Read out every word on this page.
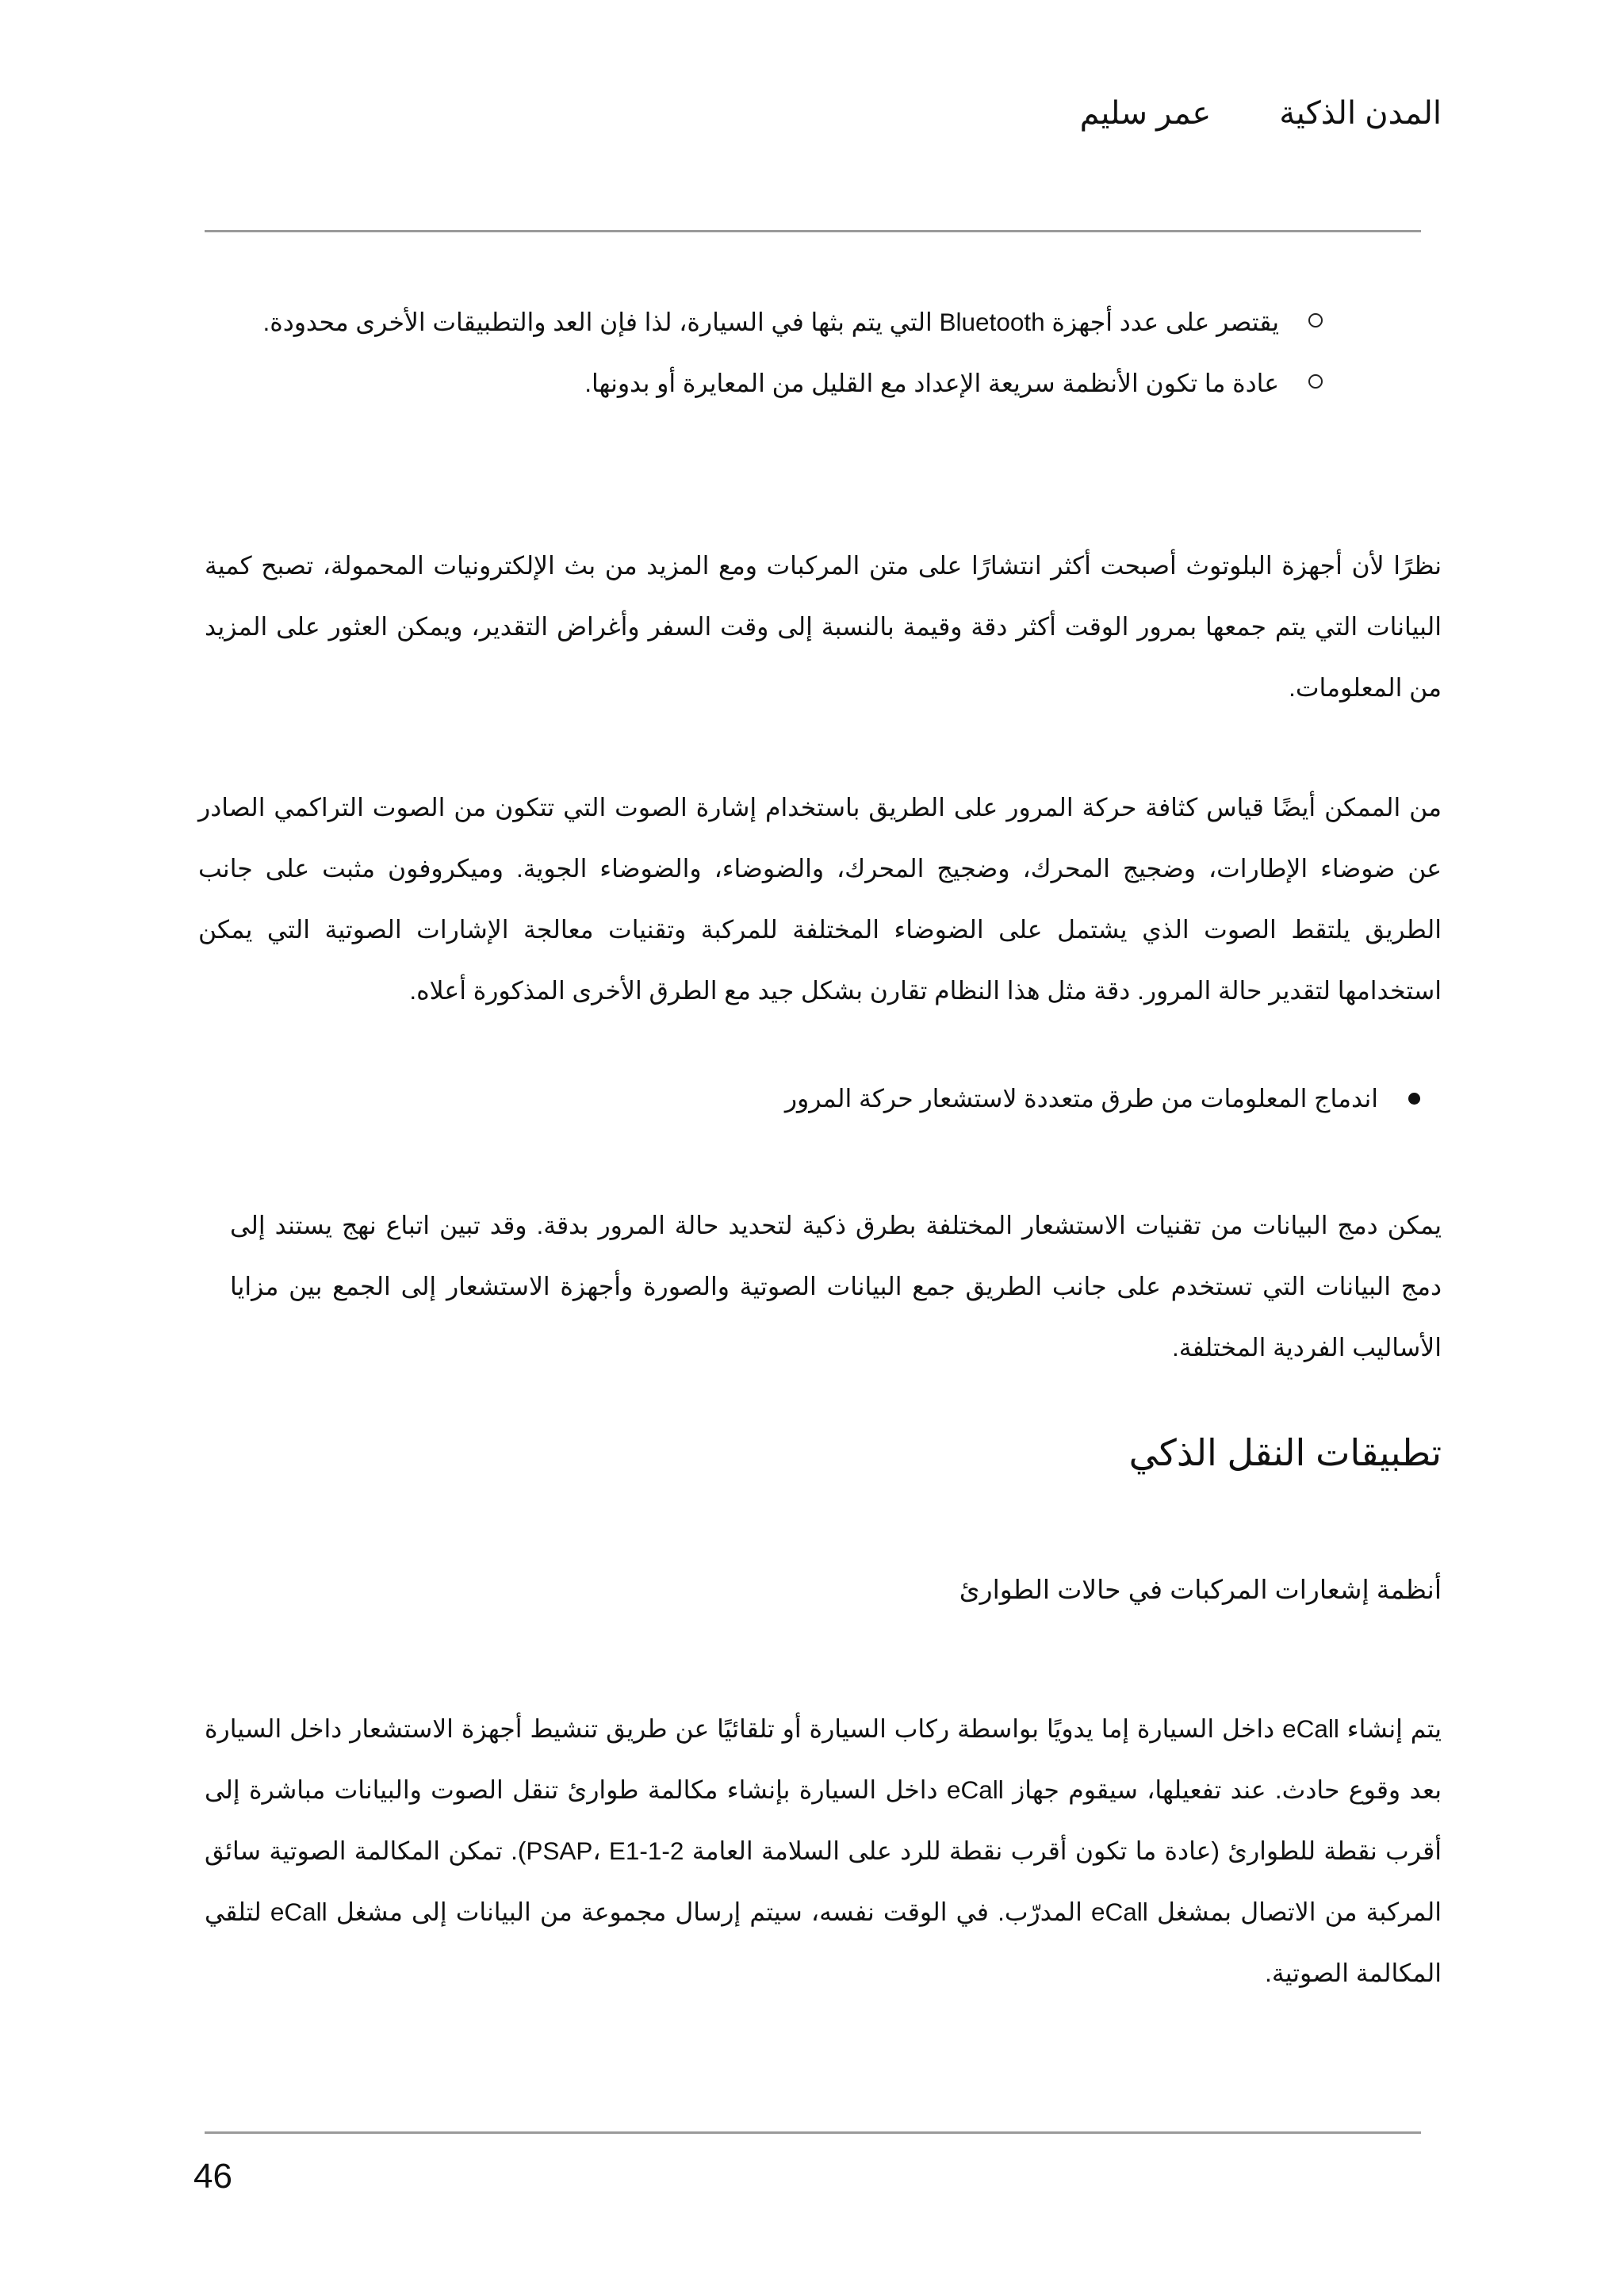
المدن الذكيةعمر سليم
يقتصر على عدد أجهزة Bluetooth التي يتم بثها في السيارة، لذا فإن العد والتطبيقات الأخرى محدودة.
عادة ما تكون الأنظمة سريعة الإعداد مع القليل من المعايرة أو بدونها.

نظرًا لأن أجهزة البلوتوث أصبحت أكثر انتشارًا على متن المركبات ومع المزيد من بث الإلكترونيات المحمولة، تصبح كمية البيانات التي يتم جمعها بمرور الوقت أكثر دقة وقيمة بالنسبة إلى وقت السفر وأغراض التقدير، ويمكن العثور على المزيد من المعلومات.

من الممكن أيضًا قياس كثافة حركة المرور على الطريق باستخدام إشارة الصوت التي تتكون من الصوت التراكمي الصادر عن ضوضاء الإطارات، وضجيج المحرك، وضجيج المحرك، والضوضاء، والضوضاء الجوية. وميكروفون مثبت على جانب الطريق يلتقط الصوت الذي يشتمل على الضوضاء المختلفة للمركبة وتقنيات معالجة الإشارات الصوتية التي يمكن استخدامها لتقدير حالة المرور. دقة مثل هذا النظام تقارن بشكل جيد مع الطرق الأخرى المذكورة أعلاه.

اندماج المعلومات من طرق متعددة لاستشعار حركة المرور

يمكن دمج البيانات من تقنيات الاستشعار المختلفة بطرق ذكية لتحديد حالة المرور بدقة. وقد تبين اتباع نهج يستند إلى دمج البيانات التي تستخدم على جانب الطريق جمع البيانات الصوتية والصورة وأجهزة الاستشعار إلى الجمع بين مزايا الأساليب الفردية المختلفة.

تطبيقات النقل الذكي
أنظمة إشعارات المركبات في حالات الطوارئ

يتم إنشاء eCall داخل السيارة إما يدويًا بواسطة ركاب السيارة أو تلقائيًا عن طريق تنشيط أجهزة الاستشعار داخل السيارة بعد وقوع حادث. عند تفعيلها، سيقوم جهاز eCall داخل السيارة بإنشاء مكالمة طوارئ تنقل الصوت والبيانات مباشرة إلى أقرب نقطة للطوارئ (عادة ما تكون أقرب نقطة للرد على السلامة العامة PSAP، E1-1-2). تمكن المكالمة الصوتية سائق المركبة من الاتصال بمشغل eCall المدرّب. في الوقت نفسه، سيتم إرسال مجموعة من البيانات إلى مشغل eCall لتلقي المكالمة الصوتية.

46
